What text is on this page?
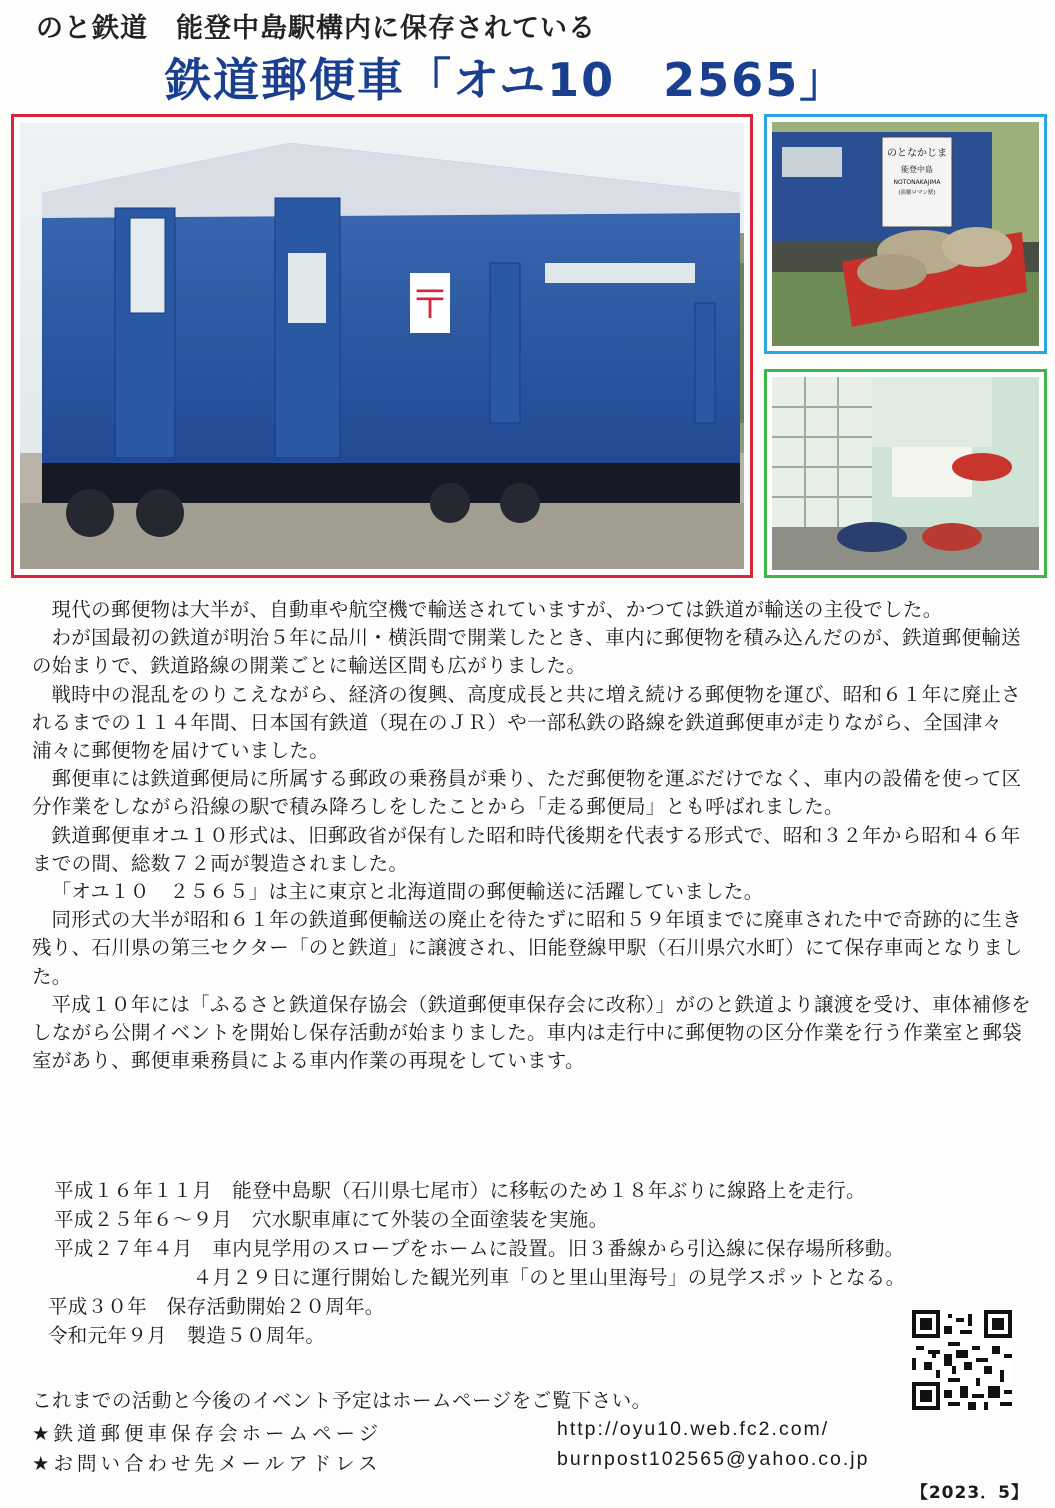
のと鉄道　能登中島駅構内に保存されている
鉄道郵便車「オユ10　2565」
〒
のとなかじま
能登中島
NOTONAKAJIMA
(演劇ロマン駅)

現代の郵便物は大半が、自動車や航空機で輸送されていますが、かつては鉄道が輸送の主役でした。

わが国最初の鉄道が明治５年に品川・横浜間で開業したとき、車内に郵便物を積み込んだのが、鉄道郵便輸送の始まりで、鉄道路線の開業ごとに輸送区間も広がりました。

戦時中の混乱をのりこえながら、経済の復興、高度成長と共に増え続ける郵便物を運び、昭和６１年に廃止されるまでの１１４年間、日本国有鉄道（現在のＪＲ）や一部私鉄の路線を鉄道郵便車が走りながら、全国津々浦々に郵便物を届けていました。

郵便車には鉄道郵便局に所属する郵政の乗務員が乗り、ただ郵便物を運ぶだけでなく、車内の設備を使って区分作業をしながら沿線の駅で積み降ろしをしたことから「走る郵便局」とも呼ばれました。

鉄道郵便車オユ１０形式は、旧郵政省が保有した昭和時代後期を代表する形式で、昭和３２年から昭和４６年までの間、総数７２両が製造されました。

「オユ１０　２５６５」は主に東京と北海道間の郵便輸送に活躍していました。

同形式の大半が昭和６１年の鉄道郵便輸送の廃止を待たずに昭和５９年頃までに廃車された中で奇跡的に生き残り、石川県の第三セクター「のと鉄道」に譲渡され、旧能登線甲駅（石川県穴水町）にて保存車両となりました。

平成１０年には「ふるさと鉄道保存協会（鉄道郵便車保存会に改称）」がのと鉄道より譲渡を受け、車体補修をしながら公開イベントを開始し保存活動が始まりました。車内は走行中に郵便物の区分作業を行う作業室と郵袋室があり、郵便車乗務員による車内作業の再現をしています。

平成１６年１１月　能登中島駅（石川県七尾市）に移転のため１８年ぶりに線路上を走行。
平成２５年６～９月　穴水駅車庫にて外装の全面塗装を実施。
平成２７年４月　車内見学用のスロープをホームに設置。旧３番線から引込線に保存場所移動。
　　　　　　　４月２９日に運行開始した観光列車「のと里山里海号」の見学スポットとなる。
平成３０年　保存活動開始２０周年。
令和元年９月　製造５０周年。
これまでの活動と今後のイベント予定はホームページをご覧下さい。
★鉄道郵便車保存会ホームページ	http://oyu10.web.fc2.com/
★お問い合わせ先メールアドレス	burnpost102565@yahoo.co.jp
【2023．5】
